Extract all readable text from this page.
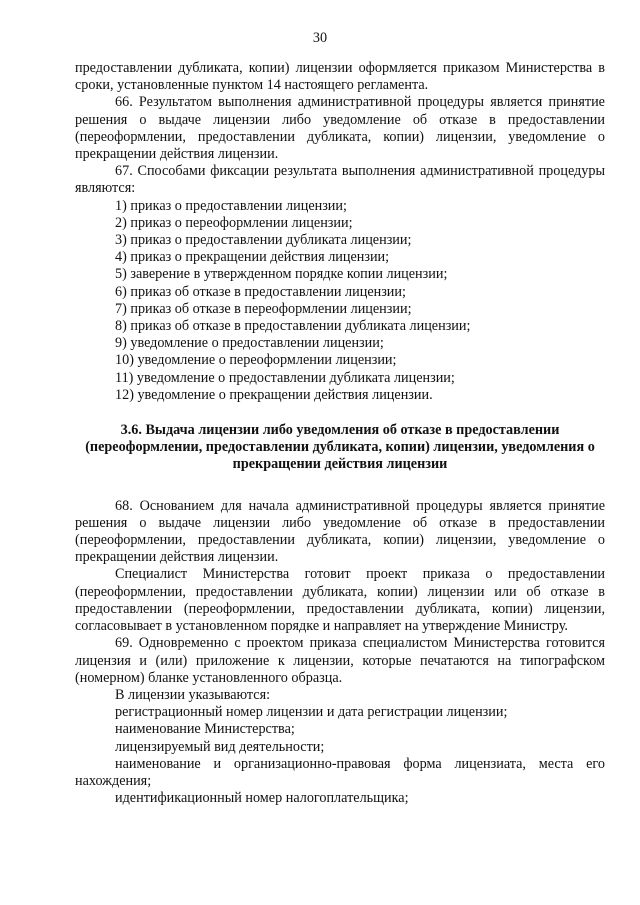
30

предоставлении дубликата, копии) лицензии оформляется приказом Министерства в сроки, установленные пунктом 14 настоящего регламента.

66. Результатом выполнения административной процедуры является принятие решения о выдаче лицензии либо уведомление об отказе в предоставлении (переоформлении, предоставлении дубликата, копии) лицензии, уведомление о прекращении действия лицензии.

67. Способами фиксации результата выполнения административной процедуры являются:

1) приказ о предоставлении лицензии;

2) приказ о переоформлении лицензии;

3) приказ о предоставлении дубликата лицензии;

4) приказ о прекращении действия лицензии;

5) заверение в утвержденном порядке копии лицензии;

6) приказ об отказе в предоставлении лицензии;

7) приказ об отказе в переоформлении лицензии;

8) приказ об отказе в предоставлении дубликата лицензии;

9) уведомление о предоставлении лицензии;

10) уведомление о переоформлении лицензии;

11) уведомление о предоставлении дубликата лицензии;

12) уведомление о прекращении действия лицензии.

3.6. Выдача лицензии либо уведомления об отказе в предоставлении (переоформлении, предоставлении дубликата, копии) лицензии, уведомления о прекращении действия лицензии

68. Основанием для начала административной процедуры является принятие решения о выдаче лицензии либо уведомление об отказе в предоставлении (переоформлении, предоставлении дубликата, копии) лицензии, уведомление о прекращении действия лицензии.

Специалист Министерства готовит проект приказа о предоставлении (переоформлении, предоставлении дубликата, копии) лицензии или об отказе в предоставлении (переоформлении, предоставлении дубликата, копии) лицензии, согласовывает в установленном порядке и направляет на утверждение Министру.

69. Одновременно с проектом приказа специалистом Министерства готовится лицензия и (или) приложение к лицензии, которые печатаются на типографском (номерном) бланке установленного образца.

В лицензии указываются:

регистрационный номер лицензии и дата регистрации лицензии;

наименование Министерства;

лицензируемый вид деятельности;

наименование и организационно-правовая форма лицензиата, места его нахождения;

идентификационный номер налогоплательщика;
